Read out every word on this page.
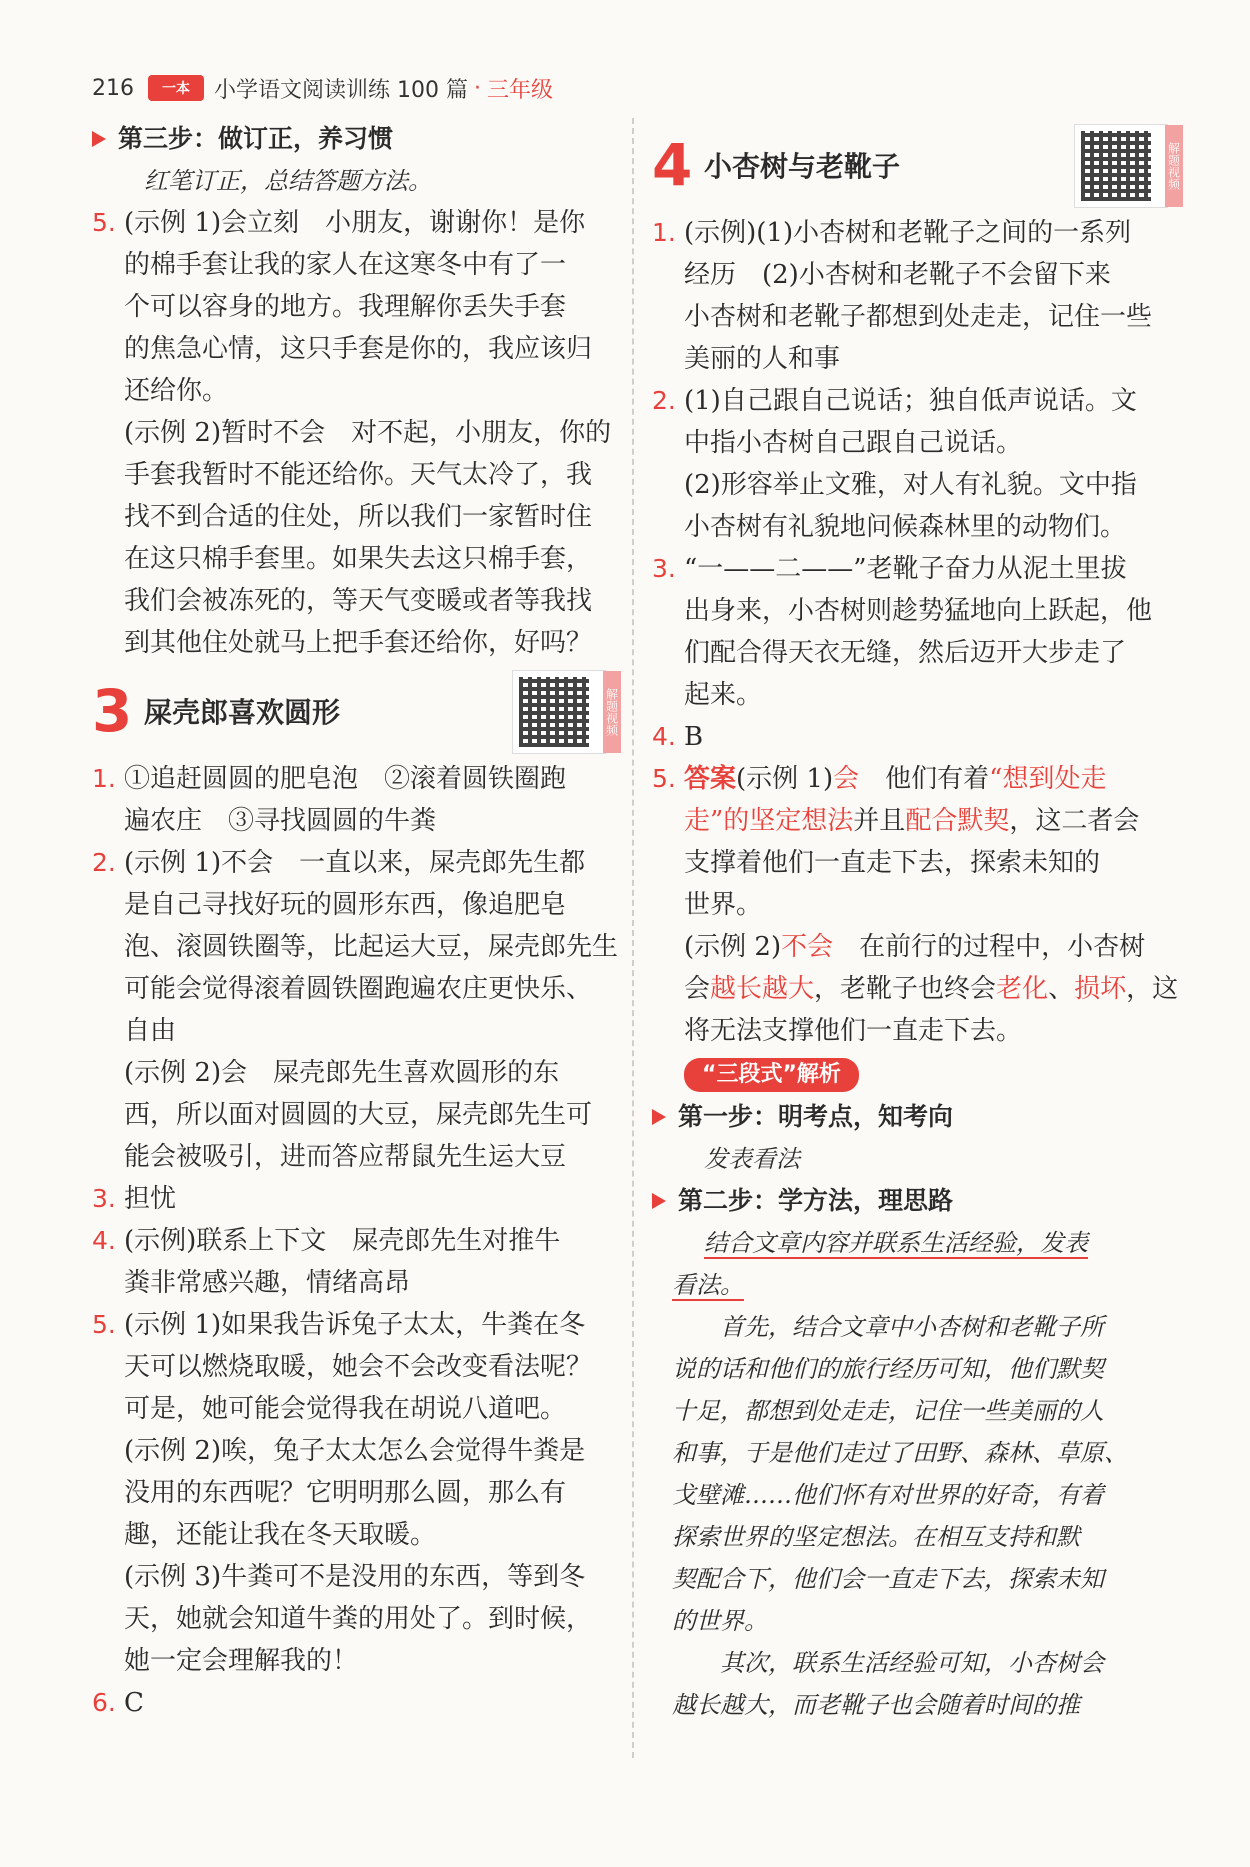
216	一本	小学语文阅读训练 100 篇 · 三年级
第三步：做订正，养习惯
红笔订正，总结答题方法。
5. (示例 1)会立刻　小朋友，谢谢你！是你
的棉手套让我的家人在这寒冬中有了一
个可以容身的地方。我理解你丢失手套
的焦急心情，这只手套是你的，我应该归
还给你。
(示例 2)暂时不会　对不起，小朋友，你的
手套我暂时不能还给你。天气太冷了，我
找不到合适的住处，所以我们一家暂时住
在这只棉手套里。如果失去这只棉手套，
我们会被冻死的，等天气变暖或者等我找
到其他住处就马上把手套还给你，好吗？
3 屎壳郎喜欢圆形	解题视频
1. ①追赶圆圆的肥皂泡　②滚着圆铁圈跑
遍农庄　③寻找圆圆的牛粪
2. (示例 1)不会　一直以来，屎壳郎先生都
是自己寻找好玩的圆形东西，像追肥皂
泡、滚圆铁圈等，比起运大豆，屎壳郎先生
可能会觉得滚着圆铁圈跑遍农庄更快乐、
自由
(示例 2)会　屎壳郎先生喜欢圆形的东
西，所以面对圆圆的大豆，屎壳郎先生可
能会被吸引，进而答应帮鼠先生运大豆
3. 担忧
4. (示例)联系上下文　屎壳郎先生对推牛
粪非常感兴趣，情绪高昂
5. (示例 1)如果我告诉兔子太太，牛粪在冬
天可以燃烧取暖，她会不会改变看法呢？
可是，她可能会觉得我在胡说八道吧。
(示例 2)唉，兔子太太怎么会觉得牛粪是
没用的东西呢？它明明那么圆，那么有
趣，还能让我在冬天取暖。
(示例 3)牛粪可不是没用的东西，等到冬
天，她就会知道牛粪的用处了。到时候，
她一定会理解我的！
6. C
4 小杏树与老靴子	解题视频
1. (示例)(1)小杏树和老靴子之间的一系列
经历　(2)小杏树和老靴子不会留下来
小杏树和老靴子都想到处走走，记住一些
美丽的人和事
2. (1)自己跟自己说话；独自低声说话。文
中指小杏树自己跟自己说话。
(2)形容举止文雅，对人有礼貌。文中指
小杏树有礼貌地问候森林里的动物们。
3. “一——二——”老靴子奋力从泥土里拔
出身来，小杏树则趁势猛地向上跃起，他
们配合得天衣无缝，然后迈开大步走了
起来。
4. B
5. 答案(示例 1)会　他们有着“想到处走
走”的坚定想法并且配合默契，这二者会
支撑着他们一直走下去，探索未知的
世界。
(示例 2)不会　在前行的过程中，小杏树
会越长越大，老靴子也终会老化、损坏，这
将无法支撑他们一直走下去。
“三段式”解析
第一步：明考点，知考向
发表看法
第二步：学方法，理思路
结合文章内容并联系生活经验，发表
看法。
　　首先，结合文章中小杏树和老靴子所
说的话和他们的旅行经历可知，他们默契
十足，都想到处走走，记住一些美丽的人
和事，于是他们走过了田野、森林、草原、
戈壁滩……他们怀有对世界的好奇，有着
探索世界的坚定想法。在相互支持和默
契配合下，他们会一直走下去，探索未知
的世界。
　　其次，联系生活经验可知，小杏树会
越长越大，而老靴子也会随着时间的推
